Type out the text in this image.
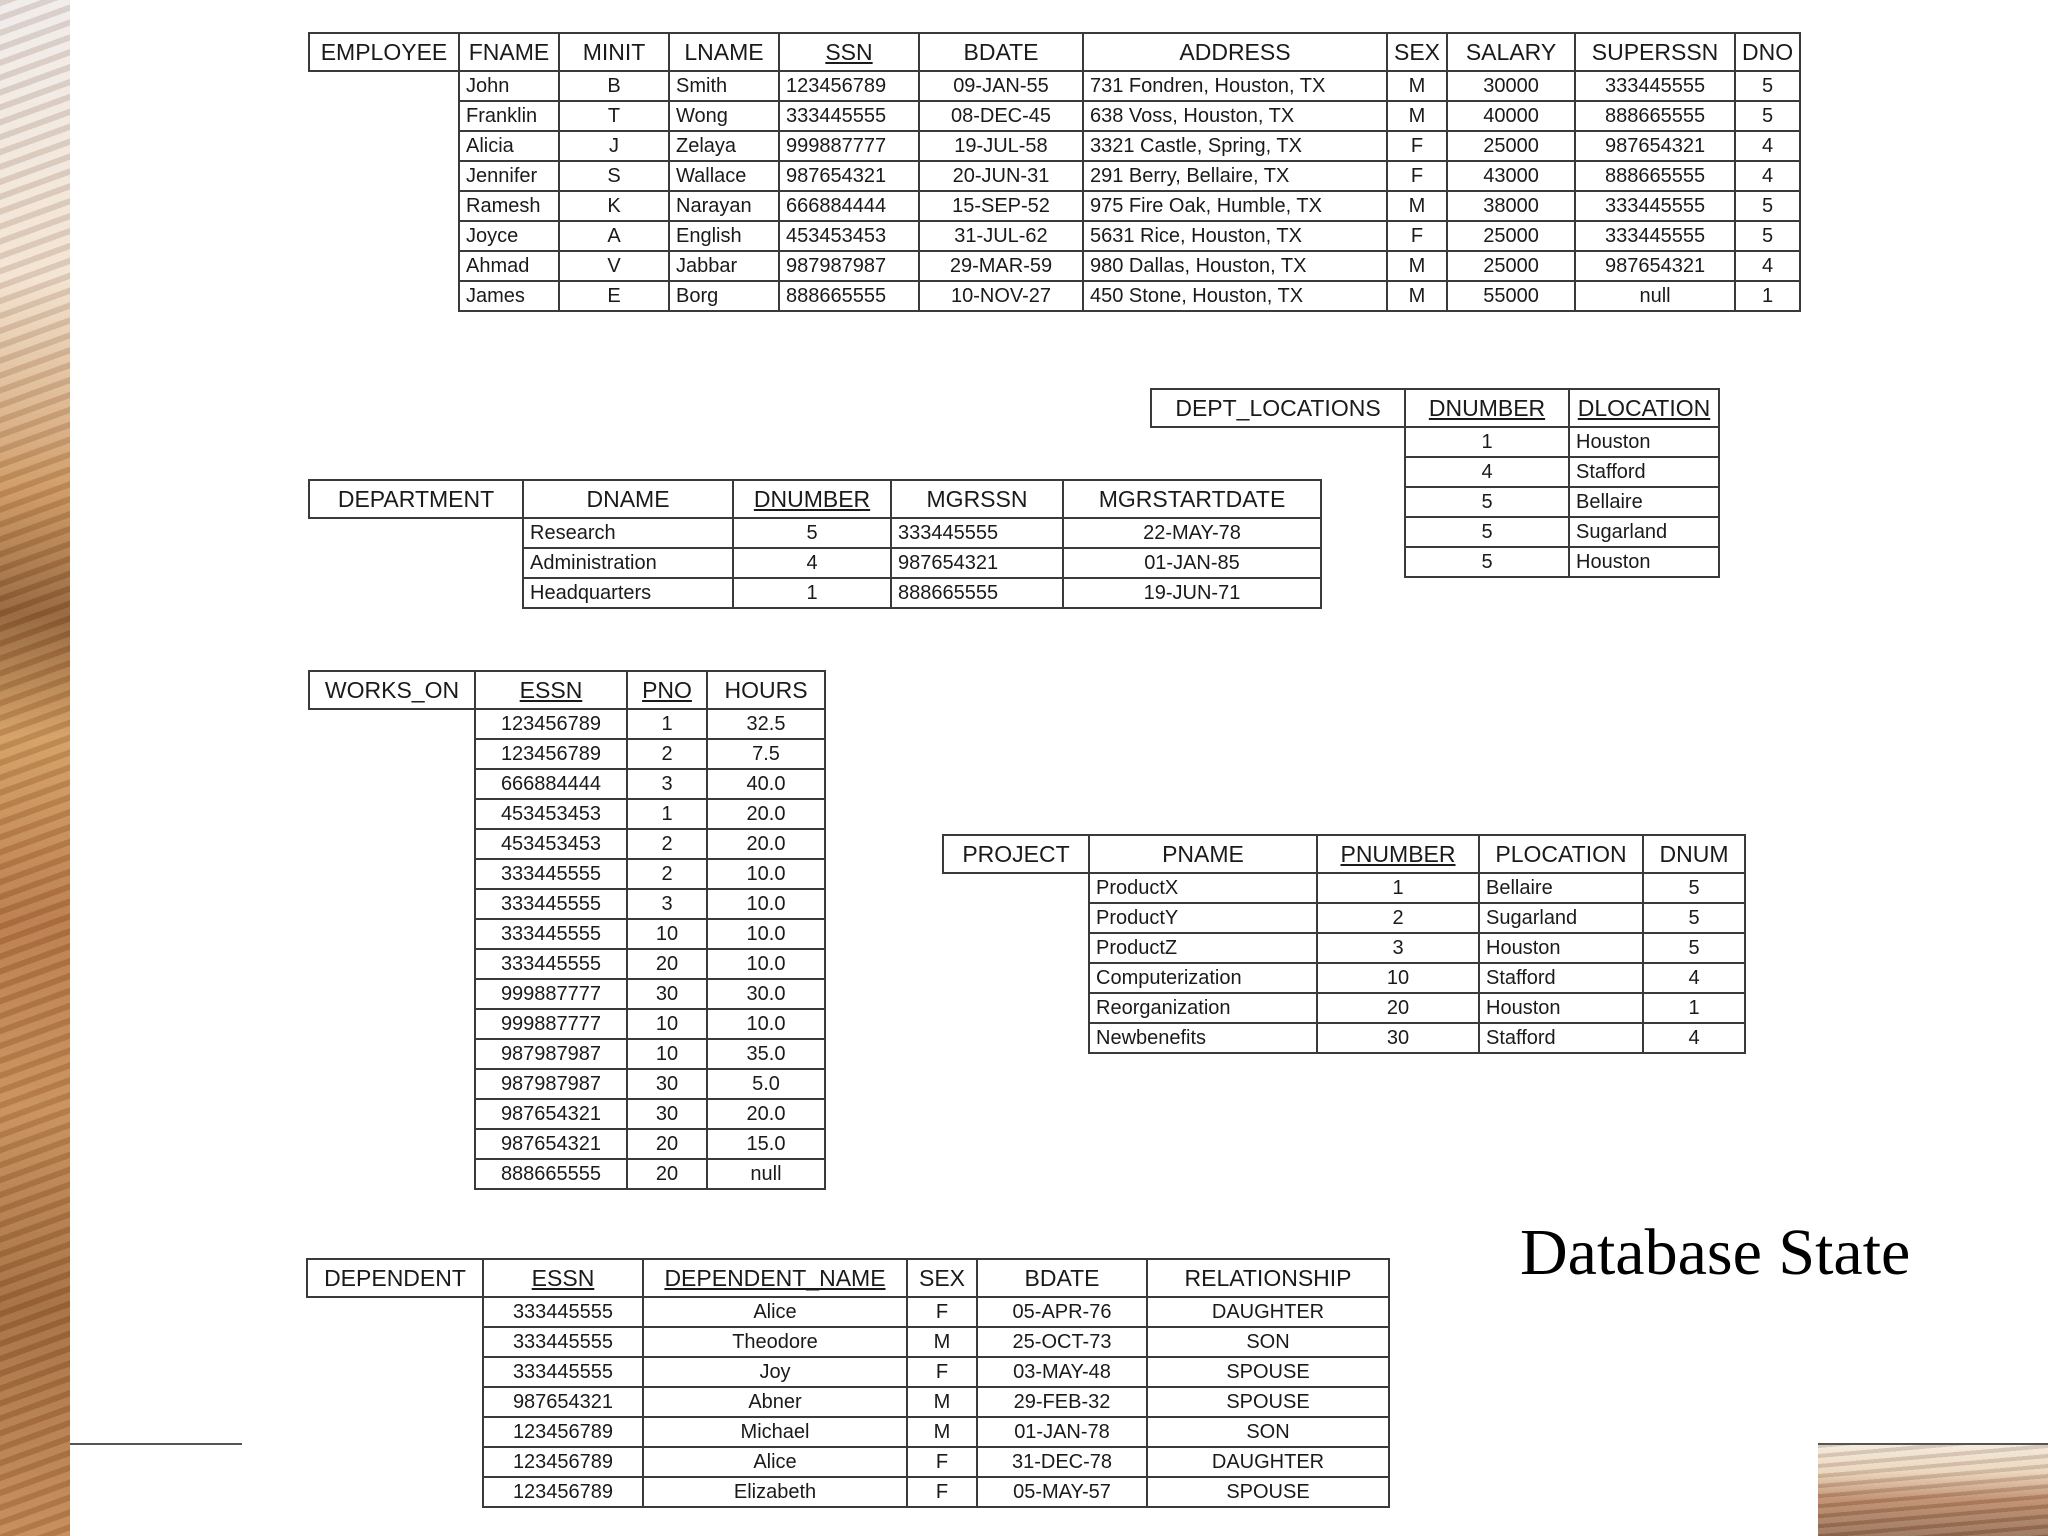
Database State
EMPLOYEE	FNAME	MINIT	LNAME	SSN	BDATE	ADDRESS	SEX	SALARY	SUPERSSN	DNO
	John	B	Smith	123456789	09-JAN-55	731 Fondren, Houston, TX	M	30000	333445555	5
	Franklin	T	Wong	333445555	08-DEC-45	638 Voss, Houston, TX	M	40000	888665555	5
	Alicia	J	Zelaya	999887777	19-JUL-58	3321 Castle, Spring, TX	F	25000	987654321	4
	Jennifer	S	Wallace	987654321	20-JUN-31	291 Berry, Bellaire, TX	F	43000	888665555	4
	Ramesh	K	Narayan	666884444	15-SEP-52	975 Fire Oak, Humble, TX	M	38000	333445555	5
	Joyce	A	English	453453453	31-JUL-62	5631 Rice, Houston, TX	F	25000	333445555	5
	Ahmad	V	Jabbar	987987987	29-MAR-59	980 Dallas, Houston, TX	M	25000	987654321	4
	James	E	Borg	888665555	10-NOV-27	450 Stone, Houston, TX	M	55000	null	1
DEPT_LOCATIONS	DNUMBER	DLOCATION
	1	Houston
	4	Stafford
	5	Bellaire
	5	Sugarland
	5	Houston
DEPARTMENT	DNAME	DNUMBER	MGRSSN	MGRSTARTDATE
	Research	5	333445555	22-MAY-78
	Administration	4	987654321	01-JAN-85
	Headquarters	1	888665555	19-JUN-71
WORKS_ON	ESSN	PNO	HOURS
	123456789	1	32.5
	123456789	2	7.5
	666884444	3	40.0
	453453453	1	20.0
	453453453	2	20.0
	333445555	2	10.0
	333445555	3	10.0
	333445555	10	10.0
	333445555	20	10.0
	999887777	30	30.0
	999887777	10	10.0
	987987987	10	35.0
	987987987	30	5.0
	987654321	30	20.0
	987654321	20	15.0
	888665555	20	null
PROJECT	PNAME	PNUMBER	PLOCATION	DNUM
	ProductX	1	Bellaire	5
	ProductY	2	Sugarland	5
	ProductZ	3	Houston	5
	Computerization	10	Stafford	4
	Reorganization	20	Houston	1
	Newbenefits	30	Stafford	4
DEPENDENT	ESSN	DEPENDENT_NAME	SEX	BDATE	RELATIONSHIP
	333445555	Alice	F	05-APR-76	DAUGHTER
	333445555	Theodore	M	25-OCT-73	SON
	333445555	Joy	F	03-MAY-48	SPOUSE
	987654321	Abner	M	29-FEB-32	SPOUSE
	123456789	Michael	M	01-JAN-78	SON
	123456789	Alice	F	31-DEC-78	DAUGHTER
	123456789	Elizabeth	F	05-MAY-57	SPOUSE
